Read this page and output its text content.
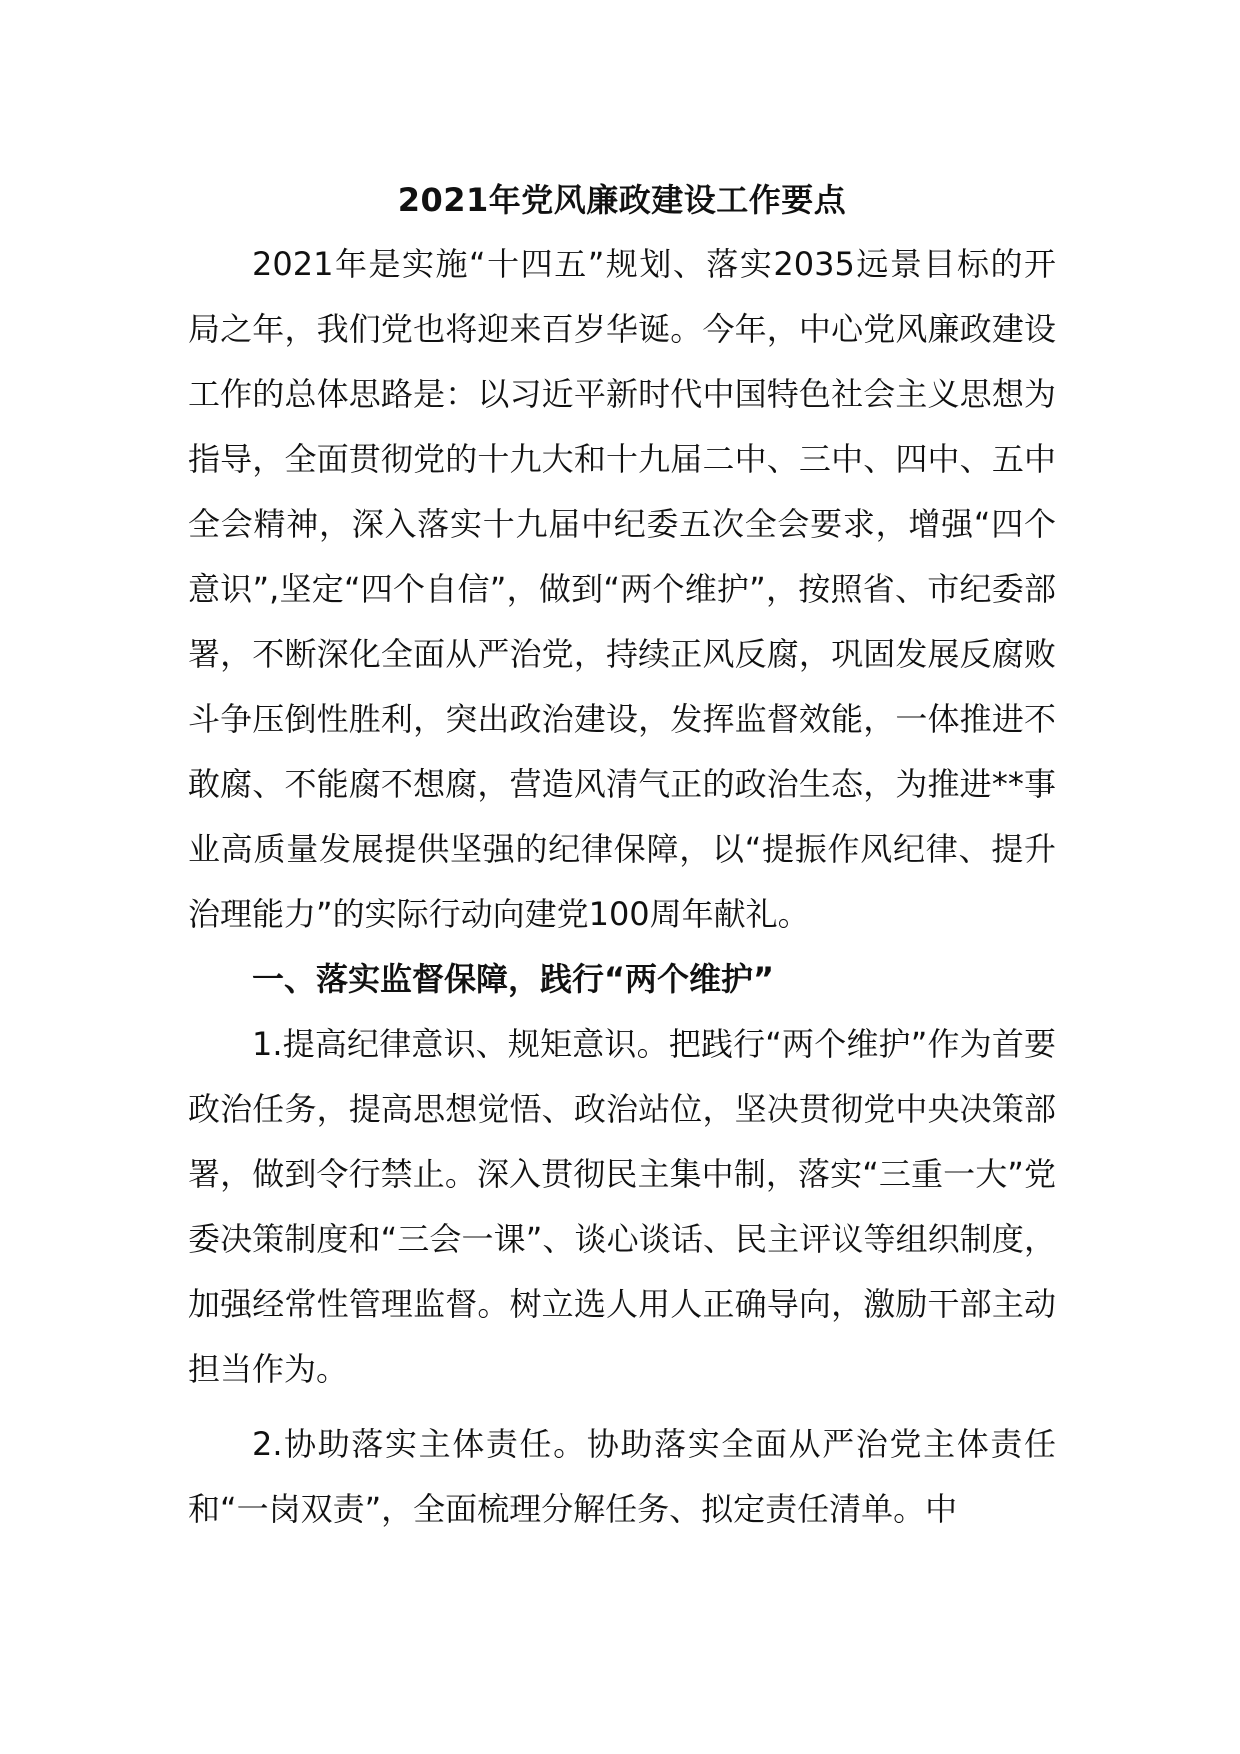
2021年党风廉政建设工作要点

2021年是实施“十四五”规划、落实2035远景目标的开局之年，我们党也将迎来百岁华诞。今年，中心党风廉政建设工作的总体思路是：以习近平新时代中国特色社会主义思想为指导，全面贯彻党的十九大和十九届二中、三中、四中、五中全会精神，深入落实十九届中纪委五次全会要求，增强“四个意识”,坚定“四个自信”，做到“两个维护”，按照省、市纪委部署，不断深化全面从严治党，持续正风反腐，巩固发展反腐败斗争压倒性胜利，突出政治建设，发挥监督效能，一体推进不敢腐、不能腐不想腐，营造风清气正的政治生态，为推进**事业高质量发展提供坚强的纪律保障，以“提振作风纪律、提升治理能力”的实际行动向建党100周年献礼。

一、落实监督保障，践行“两个维护”

1.提高纪律意识、规矩意识。把践行“两个维护”作为首要政治任务，提高思想觉悟、政治站位，坚决贯彻党中央决策部署，做到令行禁止。深入贯彻民主集中制，落实“三重一大”党委决策制度和“三会一课”、谈心谈话、民主评议等组织制度，加强经常性管理监督。树立选人用人正确导向，激励干部主动担当作为。

2.协助落实主体责任。协助落实全面从严治党主体责任和“一岗双责”，全面梳理分解任务、拟定责任清单。中
